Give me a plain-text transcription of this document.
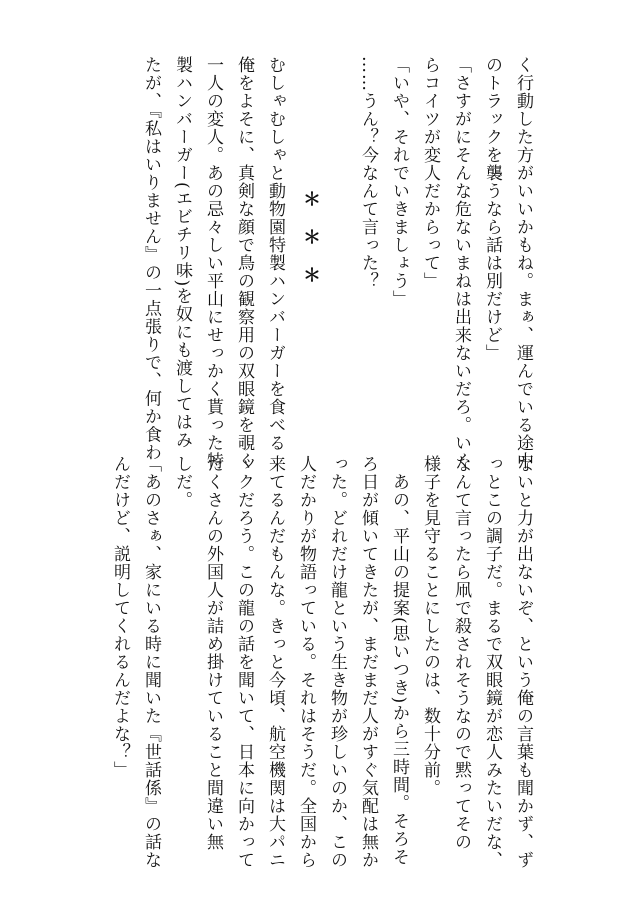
く行動した方がいいかもね。まぁ、運んでいる途中
のトラックを襲うなら話は別だけど」
「さすがにそんな危ないまねは出来ないだろ。いく
らコイツが変人だからって」
「いや、それでいきましょう」
……うん？今なんて言った？
むしゃむしゃと動物園特製ハンバーガーを食べる
俺をよそに、真剣な顔で鳥の観察用の双眼鏡を覗く
一人の変人。あの忌々しい平山にせっかく貰った特
製ハンバーガー(エビチリ味)を奴にも渡してはみ
たが、『私はいりません』の一点張りで、何か食わ	＊＊＊
ないと力が出ないぞ、という俺の言葉も聞かず、ず
っとこの調子だ。まるで双眼鏡が恋人みたいだな、
なんて言ったら凧で殺されそうなので黙ってその
様子を見守ることにしたのは、数十分前。
　あの、平山の提案(思いつき)から三時間。そろそ
ろ日が傾いてきたが、まだまだ人がすぐ気配は無か
った。どれだけ龍という生き物が珍しいのか、この
人だかりが物語っている。それはそうだ。全国から
来てるんだもんな。きっと今頃、航空機関は大パニ
ックだろう。この龍の話を聞いて、日本に向かって
たくさんの外国人が詰め掛けていること間違い無
しだ。
「あのさぁ、家にいる時に聞いた『世話係』の話な
んだけど、説明してくれるんだよな？」
